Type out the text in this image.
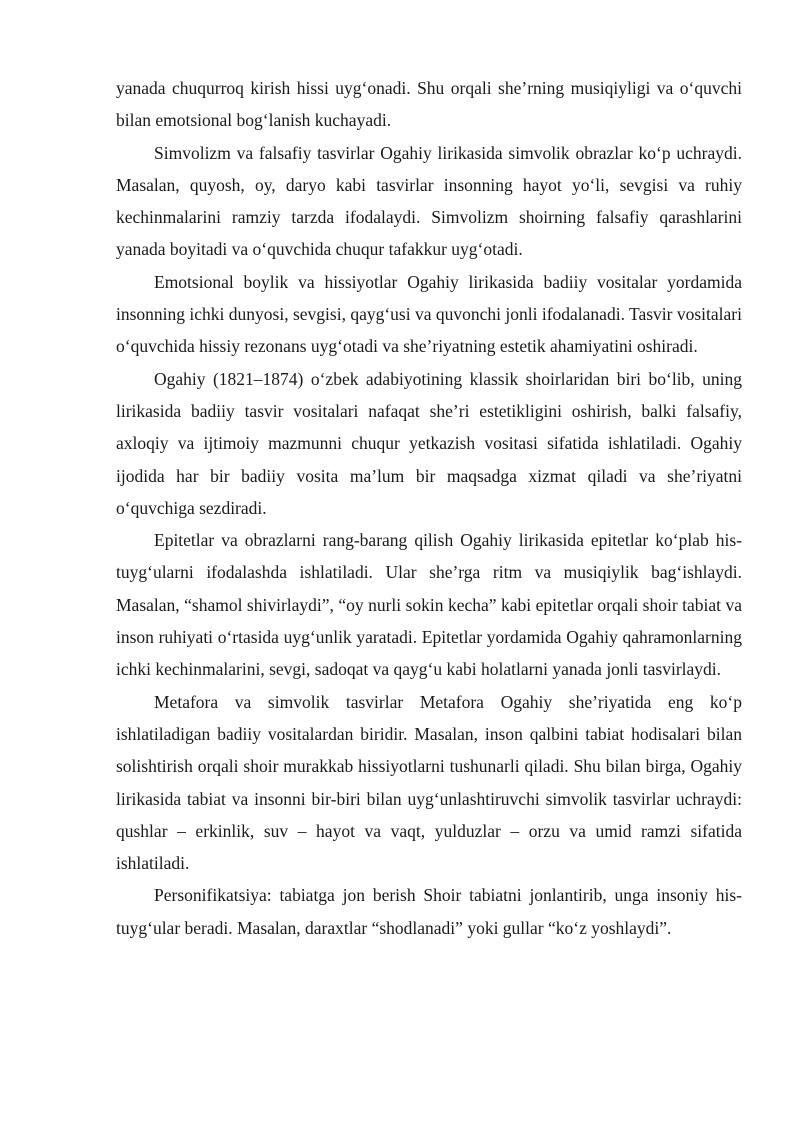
yanada chuqurroq kirish hissi uyg‘onadi. Shu orqali she’rning musiqiyligi va o‘quvchi bilan emotsional bog‘lanish kuchayadi.

Simvolizm va falsafiy tasvirlar Ogahiy lirikasida simvolik obrazlar ko‘p uchraydi. Masalan, quyosh, oy, daryo kabi tasvirlar insonning hayot yo‘li, sevgisi va ruhiy kechinmalarini ramziy tarzda ifodalaydi. Simvolizm shoirning falsafiy qarashlarini yanada boyitadi va o‘quvchida chuqur tafakkur uyg‘otadi.

Emotsional boylik va hissiyotlar Ogahiy lirikasida badiiy vositalar yordamida insonning ichki dunyosi, sevgisi, qayg‘usi va quvonchi jonli ifodalanadi. Tasvir vositalari o‘quvchida hissiy rezonans uyg‘otadi va she’riyatning estetik ahamiyatini oshiradi.

Ogahiy (1821–1874) o‘zbek adabiyotining klassik shoirlaridan biri bo‘lib, uning lirikasida badiiy tasvir vositalari nafaqat she’ri estetikligini oshirish, balki falsafiy, axloqiy va ijtimoiy mazmunni chuqur yetkazish vositasi sifatida ishlatiladi. Ogahiy ijodida har bir badiiy vosita ma’lum bir maqsadga xizmat qiladi va she’riyatni o‘quvchiga sezdiradi.

Epitetlar va obrazlarni rang-barang qilish Ogahiy lirikasida epitetlar ko‘plab his-tuyg‘ularni ifodalashda ishlatiladi. Ular she’rga ritm va musiqiylik bag‘ishlaydi. Masalan, “shamol shivirlaydi”, “oy nurli sokin kecha” kabi epitetlar orqali shoir tabiat va inson ruhiyati o‘rtasida uyg‘unlik yaratadi. Epitetlar yordamida Ogahiy qahramonlarning ichki kechinmalarini, sevgi, sadoqat va qayg‘u kabi holatlarni yanada jonli tasvirlaydi.

Metafora va simvolik tasvirlar Metafora Ogahiy she’riyatida eng ko‘p ishlatiladigan badiiy vositalardan biridir. Masalan, inson qalbini tabiat hodisalari bilan solishtirish orqali shoir murakkab hissiyotlarni tushunarli qiladi. Shu bilan birga, Ogahiy lirikasida tabiat va insonni bir-biri bilan uyg‘unlashtiruvchi simvolik tasvirlar uchraydi: qushlar – erkinlik, suv – hayot va vaqt, yulduzlar – orzu va umid ramzi sifatida ishlatiladi.

Personifikatsiya: tabiatga jon berish Shoir tabiatni jonlantirib, unga insoniy his-tuyg‘ular beradi. Masalan, daraxtlar “shodlanadi” yoki gullar “ko‘z yoshlaydi”.
